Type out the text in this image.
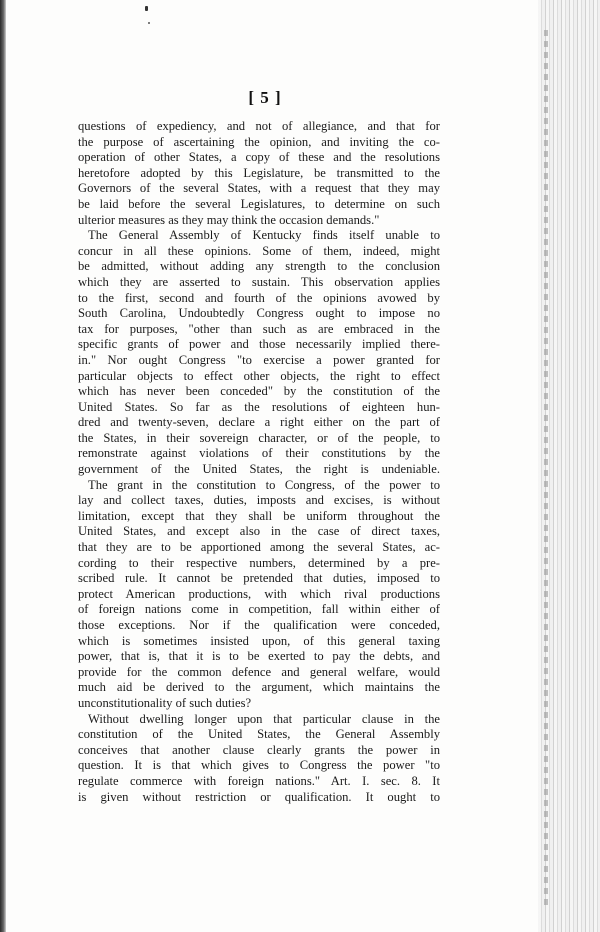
[ 5 ]
questions of expediency, and not of allegiance, and that for
the purpose of ascertaining the opinion, and inviting the co-
operation of other States, a copy of these and the resolutions
heretofore adopted by this Legislature, be transmitted to the
Governors of the several States, with a request that they may
be laid before the several Legislatures, to determine on such
ulterior measures as they may think the occasion demands."
The General Assembly of Kentucky finds itself unable to
concur in all these opinions. Some of them, indeed, might
be admitted, without adding any strength to the conclusion
which they are asserted to sustain. This observation applies
to the first, second and fourth of the opinions avowed by
South Carolina, Undoubtedly Congress ought to impose no
tax for purposes, "other than such as are embraced in the
specific grants of power and those necessarily implied there-
in." Nor ought Congress "to exercise a power granted for
particular objects to effect other objects, the right to effect
which has never been conceded" by the constitution of the
United States. So far as the resolutions of eighteen hun-
dred and twenty-seven, declare a right either on the part of
the States, in their sovereign character, or of the people, to
remonstrate against violations of their constitutions by the
government of the United States, the right is undeniable.
The grant in the constitution to Congress, of the power to
lay and collect taxes, duties, imposts and excises, is without
limitation, except that they shall be uniform throughout the
United States, and except also in the case of direct taxes,
that they are to be apportioned among the several States, ac-
cording to their respective numbers, determined by a pre-
scribed rule. It cannot be pretended that duties, imposed to
protect American productions, with which rival productions
of foreign nations come in competition, fall within either of
those exceptions. Nor if the qualification were conceded,
which is sometimes insisted upon, of this general taxing
power, that is, that it is to be exerted to pay the debts, and
provide for the common defence and general welfare, would
much aid be derived to the argument, which maintains the
unconstitutionality of such duties?
Without dwelling longer upon that particular clause in the
constitution of the United States, the General Assembly
conceives that another clause clearly grants the power in
question. It is that which gives to Congress the power "to
regulate commerce with foreign nations." Art. I. sec. 8. It
is given without restriction or qualification. It ought to
